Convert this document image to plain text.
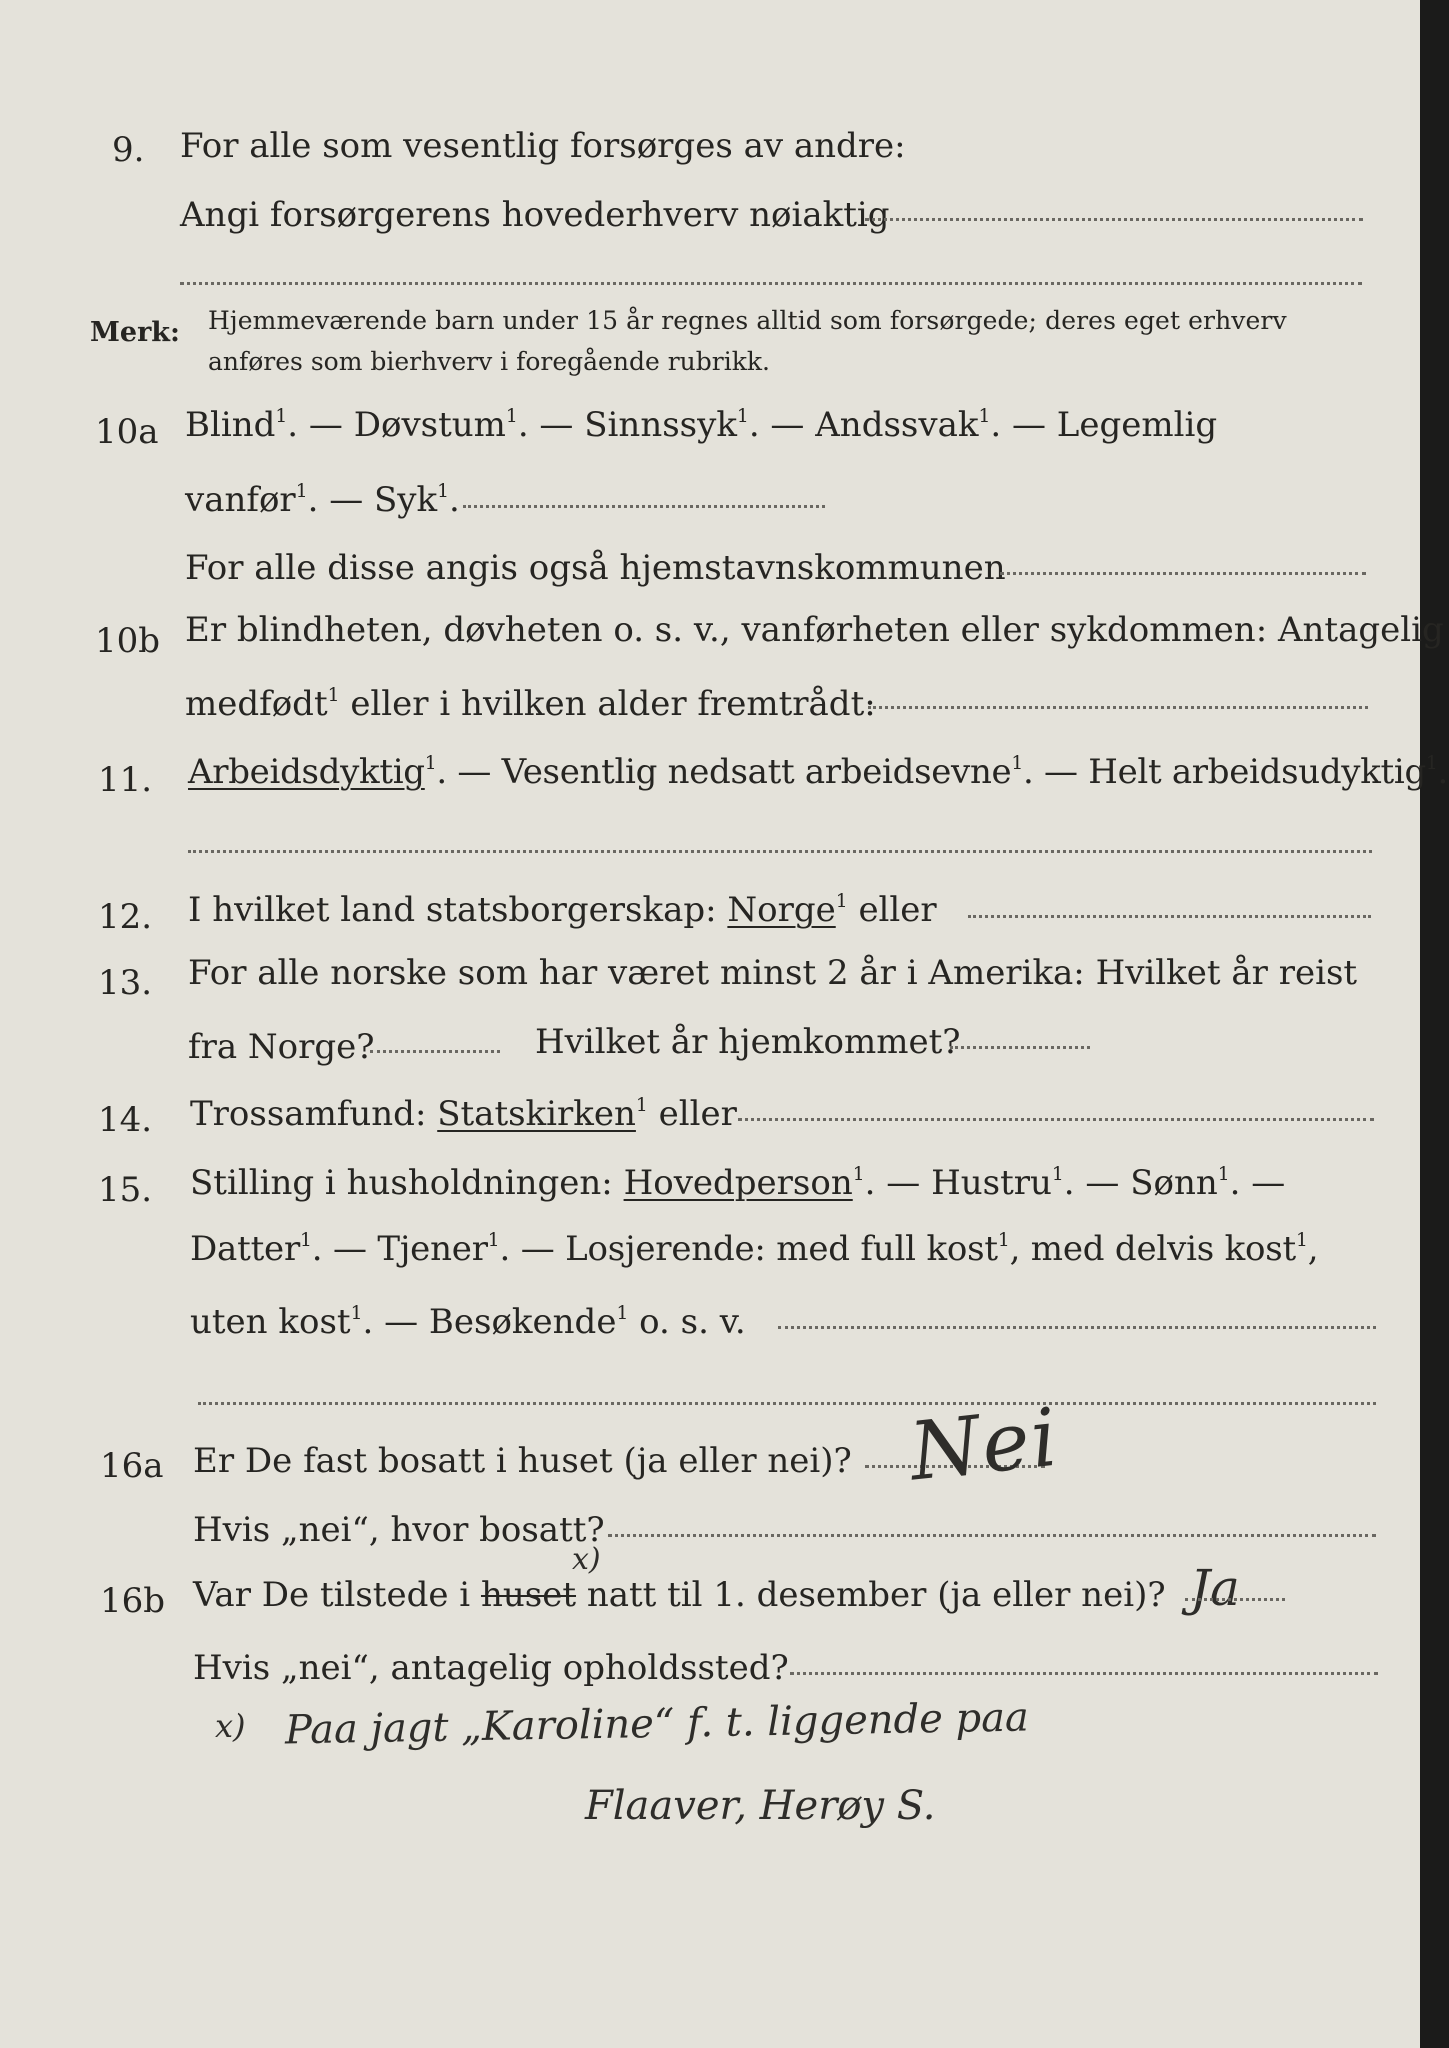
9. For alle som vesentlig forsørges av andre:
Angi forsørgerens hovederhverv nøiaktig
Merk: Hjemmeværende barn under 15 år regnes alltid som forsørgede; deres eget erhverv
anføres som bierhverv i foregående rubrikk.
10a Blind$^1$. — Døvstum$^1$. — Sinnssyk$^1$. — Andssvak$^1$. — Legemlig
vanfør$^1$. — Syk$^1$.
For alle disse angis også hjemstavnskommunen
10b Er blindheten, døvheten o. s. v., vanførheten eller sykdommen: Antagelig
medfødt$^1$ eller i hvilken alder fremtrådt:
11. Arbeidsdyktig$^1$. — Vesentlig nedsatt arbeidsevne$^1$. — Helt arbeidsudyktig$^1$.
12. I hvilket land statsborgerskap: Norge$^1$ eller
13. For alle norske som har været minst 2 år i Amerika: Hvilket år reist
fra Norge?	Hvilket år hjemkommet?
14. Trossamfund: Statskirken$^1$ eller
15. Stilling i husholdningen: Hovedperson$^1$. — Hustru$^1$. — Sønn$^1$. —
Datter$^1$. — Tjener$^1$. — Losjerende: med full kost$^1$, med delvis kost$^1$,
uten kost$^1$. — Besøkende$^1$ o. s. v.
16a Er De fast bosatt i huset (ja eller nei)? Nei
Hvis „nei“, hvor bosatt?
16b Var De tilstede i huset natt til 1. desember (ja eller nei)?
x)	Ja
Hvis „nei“, antagelig opholdssted?
x) Paa jagt „Karoline“ f. t. liggende paa
Flaaver, Herøy S.
